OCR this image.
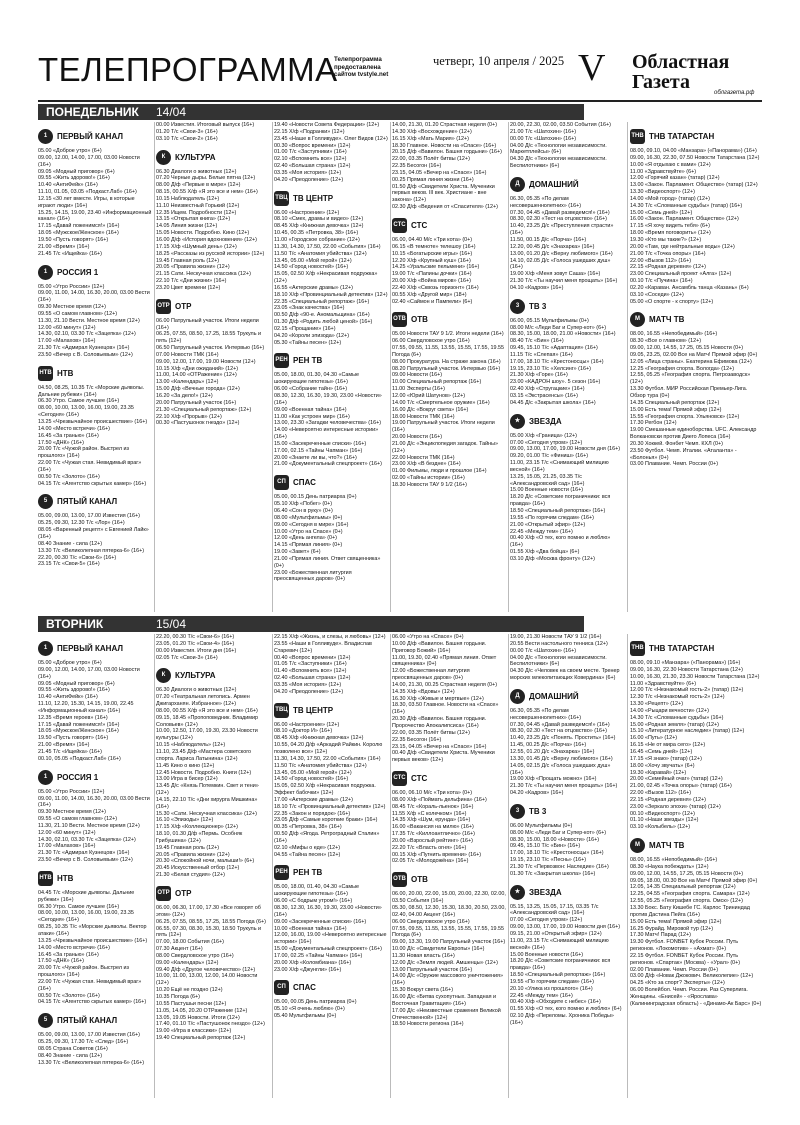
ТЕЛЕПРОГРАММА
Телепрограмма предоставлена сайтом tvstyle.net
четверг, 10 апреля / 2025 V Областная Газета	облгазета.рф
ПОНЕДЕЛЬНИК 14/04
1	ПЕРВЫЙ КАНАЛ
05.00 «Доброе утро» (6+)
09.00, 12.00, 14.00, 17.00, 03.00 Новости (16+)
09.05 «Модный приговор» (6+)
09.55 «Жить здорово!» (16+)
10.40 «АнтиФейк» (16+)
11.10, 01.05, 03.05 «Подкаст.Лаб» (16+)
12.15 «30 лет вместе. Игры, в которые играют люди» (16+)
15.25, 14.15, 19.00, 23.40 «Информационный канал» (16+)
17.15 «Давай поженимся!» (16+)
18.05 «Мужское/Женское» (16+)
19.50 «Пусть говорят» (16+)
21.00 «Время» (16+)
21.45 Т/с «Ищейка» (16+)
1	РОССИЯ 1
05.00 «Утро России» (12+)
09.00, 11.00, 14.00, 16.30, 20.00, 03.00 Вести (16+)
09.30 Местное время (12+)
09.55 «О самом главном» (12+)
11.30, 21.10 Вести. Местное время (12+)
12.00 «60 минут» (12+)
14.30, 02.10, 03.30 Т/с «Зацепка» (12+)
17.00 «Малахов» (16+)
21.30 Т/с «Адмирал Кузнецов» (16+)
23.50 «Вечер с В. Соловьевым» (12+)
НТВ НТВ
04.50, 08.25, 10.35 Т/с «Морские дьяволы. Дальние рубежи» (16+)
06.30 Утро. Самое лучшее (16+)
08.00, 10.00, 13.00, 16.00, 19.00, 23.35 «Сегодня» (16+)
13.25 «Чрезвычайное происшествие» (16+)
14.00 «Место встречи» (16+)
16.45 «За гранью» (16+)
17.50 «ДНК» (16+)
20.00 Т/с «Чужой район. Выстрел из прошлого» (16+)
22.00 Т/с «Чужая стая. Невидимый враг» (16+)
00.50 Т/с «Золото» (16+)
04.15 Т/с «Агентство скрытых камер» (16+)
5	ПЯТЫЙ КАНАЛ
05.00, 09.00, 13.00, 17.00 Известия (16+)
05.25, 09.30, 12.30 Т/с «Лор» (16+)
08.05 «Варенный рецепт» с Евгенией Лайк» (16+)
08.40 Знание - сила (12+)
13.30 Т/с «Великолепная пятерка-6» (16+)
22.20, 00.30 Т/с «Свои-6» (16+)
23.15 Т/с «Свои-5» (16+)
00.00 Известия. Итоговый выпуск (16+)
01.20 Т/с «Свои-3» (16+)
03.10 Т/с «Свои-2» (16+)
К	КУЛЬТУРА
06.30 Диалоги о животных (12+)
07.20 Черные дыры. Белые пятна (12+)
08.00 Д/ф «Первые в мире» (12+)
08.15, 00.55 Х/ф «Я это все и нем» (16+)
10.15 Наблюдатель (12+)
11.10 Неизвестный Горький (12+)
12.35 Ищем. Подробности (12+)
13.15 «Открытая книга» (12+)
14.05 Линия жизни (12+)
15.05 Новости. Подробно. Кино (12+)
16.00 Д/ф «История вдохновения» (12+)
17.15 Х/ф «Шумный день» (12+)
18.25 «Рассказы из русской истории» (12+)
19.45 Главная роль (12+)
20.05 «Правила жизни» (12+)
21.15 Сати. Нескучная классика (12+)
22.10 Т/с «Дни жизни» (16+)
23.20 Цвет времени (12+)
ОТР ОТР
06.00 Патрульный участок. Итоги недели (16+)
06.25, 07.55, 08.50, 17.25, 18.55 Трукуль и пять (12+)
06.50 Патрульный участок. Интервью (16+)
07.00 Новости ТМК (16+)
09.00, 12.00, 17.00, 19.00 Новости (12+)
10.15 Х/ф «Дни ожиданий» (12+)
11.00, 14.00 «ОТРажение» (12+)
13.00 «Календарь» (12+)
15.00 Д/ф «Вечные города» (12+)
16.20 «За дело!» (12+)
20.00 Патрульный участок (16+)
21.30 «Специальный репортаж» (12+)
22.10 Х/ф «Прорыв» (12+)
00.30 «Пастушонок гнездо» (12+)
19.40 «Новости Совета Федерации» (12+)
22.15 Х/ф «Подранки» (12+)
23.45 «Наше в Голливуде». Олег Видов (12+)
00.30 «Вопрос времени» (12+)
01.00 Т/с «Заступники» (16+)
02.10 «Вспомнить все» (12+)
02.40 «Большая страна» (12+)
03.35 «Моя история» (12+)
04.20 «Преодоление» (12+)
ТВЦ ТВ ЦЕНТР
06.00 «Настроение» (12+)
08.10 «Смех, драмы и видео» (12+)
08.45 Х/ф «Книжная девочка» (12+)
10.45, 00.35 «Петровка, 38» (16+)
11.00 «Городское собрание» (12+)
11.30, 14.30, 17.50, 22.00 «События» (16+)
11.50 Т/с «Анатомия убийства» (12+)
13.45, 05.00 «Мой герой» (12+)
14.50 «Город новостей» (16+)
15.05, 02.50 Х/ф «Некрасивая подружка» (12+)
16.55 «Актерские драмы» (12+)
18.10 Х/ф «Провинциальный детектив» (12+)
22.35 «Специальный репортаж» (16+)
23.05 «Знак качества» (16+)
00.50 Д/ф «90-е. Аномальщина» (16+)
01.30 Д/ф «Родить любой ценой» (16+)
02.15 «Прощание» (16+)
04.20 «Короли эпизода» (12+)
05.30 «Тайны песен» (12+)
РЕН РЕН ТВ
05.00, 18.00, 01.30, 04.30 «Самые шокирующие гипотезы» (16+)
06.00 «Собрание тайн» (16+)
08.30, 12.30, 16.30, 19.30, 23.00 «Новости» (16+)
09.00 «Военная тайна» (16+)
11.00 «Как устроен мир» (16+)
13.00, 23.30 «Загадки человечества» (16+)
14.00 «Невероятно интересные истории» (16+)
15.00 «Засекреченные списки» (16+)
17.00, 02.15 «Тайны Чапман» (16+)
20.00 «Знаете ли вы, что?» (16+)
21.00 «Документальный спецпроект» (16+)
СП СПАС
05.00, 00.15 День патриарха (0+)
05.10 Х/ф «Побег» (0+)
06.40 «Сон в руку» (0+)
08.00 «Мультфильмы» (0+)
09.00 «Сегодня в мире» (16+)
10.00 «Утро на Спасе» (0+)
12.00 «День ангела» (0+)
14.15 «Прямая линия» (0+)
19.00 «Завет» (6+)
21.00 «Прямая линия. Ответ священника» (0+)
23.00 «Божественная литургия преосвященных даров» (0+)
14.00, 21.30, 01.20 Страстная неделя (0+)
14.30 Х/ф «Восхождение» (12+)
16.15 Х/ф «Мать Мария» (12+)
18.30 Главное. Новости на «Спасе» (16+)
20.15 Д/ф «Вавилон. Башня гордыни» (16+)
22.00, 03.35 Полёт битвы (12+)
22.35 Бесогон (16+)
23.15, 04.05 «Вечер на «Спасе» (16+)
00.25 Прямая линия жизни (16+)
01.50 Д/ф «Свидетели Христа. Мученики первых веков. III век. Христиане - вне закона» (12+)
02.30 Д/ф «Ведения от «Спасителя» (12+)
СТС СТС
06.00, 04.40 М/с «Три кота» (0+)
06.15 «В темноте» телешоу (16+)
10.15 «Богатырские игры» (16+)
12.20 Х/ф «Крупный куш» (16+)
14.25 «Уральские пельмени» (16+)
19.00 Т/с «Папины дочки» (16+)
20.00 Х/ф «Война миров» (16+)
22.40 Х/ф «Сквозь горизонт» (16+)
00.55 Х/ф «Другой мир» (18+)
02.40 «Саймон и Пампели» (6+)
ОТВ ОТВ
05.00 Новости ТАУ 9 1/2. Итоги недели (16+)
06.00 Свердловское утро (16+)
07.55, 09.55, 11.55, 13.55, 15.55, 17.55, 19.55 Погода (6+)
08.00 Прокуратура. На страже закона (16+)
08.20 Патрульный участок. Интервью (16+)
09.00 Новости (16+)
10.00 Специальный репортаж (16+)
11.00 Эксперты (16+)
12.00 «Юрий Шатунов» (12+)
14.00 Т/с «Смертельное оружие» (16+)
16.00 Д/с «Вокруг света» (16+)
18.00 Новости ТМК (16+)
19.00 Патрульный участок. Итоги недели (16+)
20.00 Новости (16+)
21.00 Д/с «Энциклопедия загадок. Тайны» (12+)
22.00 Новости ТМК (16+)
23.00 Х/ф «В бездне» (16+)
01.00 Фильмы, люди и прошлое (16+)
02.00 «Тайны истории» (16+)
18.30 Новости ТАУ 9 1/2 (16+)
20.00, 22.30, 02.00, 03.50 События (16+)
21.00 Т/с «Шатохин» (16+)
00.00 Т/с «Шатохин» (16+)
04.00 Д/с «Технологии независимости. Маркетплейсы» (6+)
04.30 Д/с «Технологии независимости. Беспилотники» (6+)
Д	ДОМАШНИЙ
06.30, 05.35 «По делам несовершеннолетних» (16+)
07.30, 04.45 «Давай разведемся!» (16+)
08.30, 02.30 «Тест на отцовство» (16+)
10.40, 23.25 Д/с «Преступления страсти» (16+)
11.50, 00.15 Д/с «Порча» (16+)
12.20, 00.45 Д/с «Знахарка» (16+)
13.00, 01.20 Д/с «Верну любимого» (16+)
14.10, 02.05 Д/с «Голоса ушедших душ» (16+)
19.00 Х/ф «Меня зовут Саша» (16+)
21.30 Т/с «Ты научил меня прощать» (16+)
04.10 «Кадров» (16+)
3	ТВ 3
06.00, 05.15 Мультфильмы (0+)
08.00 М/с «Леди Баг и Супер-кот» (6+)
08.30, 15.00, 18.00, 21.00 «Новости» (16+)
08.40 Т/с «Бин» (16+)
09.45, 15.10 Т/с «Адаптация» (16+)
11.15 Т/с «Слепая» (16+)
17.00, 18.10 Т/с «Крестоносцы» (16+)
19.15, 23.10 Т/с «Хелсинг» (16+)
21.30 Х/ф «Горе» (16+)
23.00 «КАДРОН шоу». 5 сезон (16+)
02.40 Х/ф «Стругацкие» (16+)
03.15 «Экстрасенсы» (16+)
04.45 Д/с «Закрытая школа» (16+)
★	ЗВЕЗДА
05.00 Х/ф «Граница» (12+)
07.00 «Сегодня утром» (12+)
09.00, 13.00, 17.00, 19.00 Новости дня (16+)
09.20, 01.00 Т/с «Финиш» (16+)
11.00, 23.15 Т/с «Снимающий милицию весной» (16+)
13.25, 15.05, 21.25, 03.35 Т/с «Александровский сад» (16+)
15.00 Военные новости (16+)
18.20 Д/с «Советские пограничники: вся правда» (16+)
18.50 «Специальный репортаж» (16+)
19.55 «По горячим следам» (16+)
21.00 «Открытый эфир» (12+)
22.45 «Между тем» (16+)
00.40 Х/ф «О тех, кого помню и люблю» (16+)
01.55 Х/ф «Два бойца» (6+)
03.10 Д/ф «Москва фронту» (12+)
ТНВ ТНВ ТАТАРСТАН
08.00, 09.10, 04.00 «Манзара» («Панорама») (16+)
09.00, 16.30, 22.30, 07.50 Новости Татарстана (12+)
10.00 «Я отдыхаю с вами» (12+)
11.00 «Здравствуйте» (6+)
12.00 «Горячий казан» (татар) (12+)
13.00 «Закон. Парламент. Общество» (татар) (12+)
13.30 «Видеоспорт» (12+)
14.00 «Мой город» (татар) (12+)
14.30 Т/с «Сломанные судьбы» (татар) (16+)
15.00 «Семь дней» (12+)
16.00 «Закон. Парламент. Общество» (12+)
17.15 «Я хочу видеть тебя» (6+)
18.00 «Время поговорить» (12+)
19.30 «Кто мы такие?» (12+)
20.00 «Там, где нейтральные воды» (12+)
21.00 Т/с «Точка опоры» (16+)
22.00 «Вызов 112» (16+)
22.15 «Родная деревня» (12+)
23.00 Специальный проект «Алга» (12+)
00.10 Т/с «Пучина» (16+)
02.20 «Караван. Ансамбль танца «Казань» (6+)
03.10 «Соседи» (12+)
05.00 «О спорте - к спорту» (12+)
М	МАТЧ ТВ
08.00, 16.55 «Непобедимый» (16+)
08.30 «Все о главном» (12+)
09.00, 12.00, 14.55, 17.25, 05.15 Новости (0+)
09.05, 23.25, 02.00 Все на Матч! Прямой эфир (0+)
12.05 «Лица страны». Екатерина Ефимова (12+)
12.25 «География спорта. Вологда» (12+)
12.55, 05.25 «География спорта. Петрозаводск» (12+)
13.30 Футбол. МИР Российская Премьер-Лига. Обзор тура (0+)
14.35 Специальный репортаж (12+)
15.00 Есть тема! Прямой эфир (12+)
15.55 «География спорта. Ульяновск» (12+)
17.30 Регбон (12+)
19.00 Смешанные единоборства. UFC. Александр Волкановски против Диего Лопеса (16+)
20.30 Хоккей. Фонбет Чемп. КХЛ (0+)
23.50 Футбол. Чемп. Италии. «Аталанта» - «Болонья» (0+)
03.00 Плавание. Чемп. России (0+)
ВТОРНИК	15/04
1	ПЕРВЫЙ КАНАЛ
05.00 «Доброе утро» (6+)
09.00, 12.00, 14.00, 17.00, 03.00 Новости (16+)
09.05 «Модный приговор» (6+)
09.55 «Жить здорово!» (16+)
10.40 «АнтиФейк» (16+)
11.10, 12.20, 15.30, 14.15, 19.00, 22.45 «Информационный канал» (16+)
12.35 «Время героев» (16+)
17.15 «Давай поженимся!» (16+)
18.05 «Мужское/Женское» (16+)
19.50 «Пусть говорят» (16+)
21.00 «Время» (16+)
21.45 Т/с «Ищейка» (16+)
00.10, 05.05 «Подкаст.Лаб» (16+)
1	РОССИЯ 1
05.00 «Утро России» (12+)
09.00, 11.00, 14.00, 16.30, 20.00, 03.00 Вести (16+)
09.30 Местное время (12+)
09.55 «О самом главном» (12+)
11.30, 21.10 Вести. Местное время (12+)
12.00 «60 минут» (12+)
14.30, 02.10, 03.30 Т/с «Зацепка» (12+)
17.00 «Малахов» (16+)
21.30 Т/с «Адмирал Кузнецов» (16+)
23.50 «Вечер с В. Соловьевым» (12+)
НТВ НТВ
04.45 Т/с «Морские дьяволы. Дальние рубежи» (16+)
06.30 Утро. Самое лучшее (16+)
08.00, 10.00, 13.00, 16.00, 19.00, 23.35 «Сегодня» (16+)
08.25, 10.35 Т/с «Морские дьяволы. Вектор атаки» (16+)
13.25 «Чрезвычайное происшествие» (16+)
14.00 «Место встречи» (16+)
16.45 «За гранью» (16+)
17.50 «ДНК» (16+)
20.00 Т/с «Чужой район. Выстрел из прошлого» (16+)
22.00 Т/с «Чужая стая. Невидимый враг» (16+)
00.50 Т/с «Золото» (16+)
04.15 Т/с «Агентство скрытых камер» (16+)
5	ПЯТЫЙ КАНАЛ
05.00, 09.00, 13.00, 17.00 Известия (16+)
05.25, 09.30, 17.30 Т/с «След» (16+)
08.05 Страна Советов (16+)
08.40 Знание - сила (12+)
13.30 Т/с «Великолепная пятерка-6» (16+)
22.20, 00.30 Т/с «Свои-6» (16+)
23.05, 01.20 Т/с «Свои-4» (16+)
00.00 Известия. Итоги дня (16+)
02.05 Т/с «Свои-3» (16+)
К	КУЛЬТУРА
06.30 Диалоги о животных (12+)
07.20 «Театральная летопись. Армен Джигарханян. Избранное» (12+)
08.00, 00.55 Х/ф «Я это все и нем» (16+)
09.15, 18.45 «Пропоповедник. Владимир Соловьев» (12+)
10.00, 12.50, 17.00, 19.30, 23.30 Новости культуры (12+)
10.15 «Наблюдатель» (12+)
11.10, 23.45 Д/ф «Мастера советского спорта. Лариса Латынина» (12+)
11.45 Кино о кино (12+)
12.45 Новости. Подробно. Книги (12+)
13.00 Игра в бисер (12+)
13.45 Д/с «Князь Потемкин. Свет и тени» (12+)
14.15, 22.10 Т/с «Дни хирурга Мишкина» (16+)
15.30 «Сати. Нескучная классика» (12+)
16.10 «Эпизоды» (12+)
17.15 Х/ф «Коллекционер» (12+)
18.10, 01.30 Д/ф «Пермь. Особняк Грибушина» (12+)
19.45 Главная роль (12+)
20.05 «Правила жизни» (12+)
20.30 «Спокойной ночи, малыши!» (6+)
20.45 Искусственный отбор (12+)
21.30 «Белая студия» (12+)
ОТР ОТР
06.00, 06.30, 17.00, 17.30 «Все говорят об этом» (12+)
06.25, 07.55, 08.55, 17.25, 18.55 Погода (6+)
06.55, 07.30, 08.30, 15.30, 18.50 Трукуль и пять (12+)
07.00, 18.00 События (16+)
07.30 Акцент (16+)
08.00 Свердловское утро (16+)
09.00 «Календарь» (12+)
09.40 Д/ф «Другое человечество» (12+)
10.00, 11.00, 13.00, 12.00, 14.00 Новости (12+)
10.20 Ещё не поздно (12+)
10.35 Погода (6+)
10.55 Пастушьи песни (12+)
11.05, 14.05, 20.20 ОТРажение (12+)
13.05, 19.05 Новости. Итоги (12+)
17.40, 01.10 Т/с «Пастушонок гнездо» (12+)
19.00 «Игра в классики» (12+)
19.40 Специальный репортаж (12+)
22.15 Х/ф «Жизнь, и слезы, и любовь» (12+)
23.55 «Наши в Голливуде». Владислав Старевич (12+)
00.40 «Вопрос времени» (12+)
01.05 Т/с «Заступники» (16+)
01.40 «Вспомнить все» (12+)
02.40 «Большая страна» (12+)
03.35 «Моя история» (12+)
04.20 «Преодоление» (12+)
ТВЦ ТВ ЦЕНТР
06.00 «Настроение» (12+)
08.10 «Доктор И» (16+)
08.45 Х/ф «Книжная девочка» (12+)
10.55, 04.20 Д/ф «Аркадий Райкин. Королю позволено все» (12+)
11.30, 14.30, 17.50, 22.00 «События» (16+)
11.50 Т/с «Анатомия убийства» (12+)
13.45, 05.00 «Мой герой» (12+)
14.50 «Город новостей» (16+)
15.05, 02.50 Х/ф «Некрасивая подружка. Эффект бабочки» (12+)
17.00 «Актерские драмы» (12+)
18.10 Т/с «Провинциальный детектив» (12+)
22.35 «Закон и порядок» (16+)
23.05 Д/ф «Самые короткие браки» (16+)
00.35 «Петровка, 38» (16+)
00.50 Д/ф «Ягода. Ретроградный Сталин» (16+)
02.10 «Мифы о еде» (12+)
04.55 «Тайна песен» (12+)
РЕН РЕН ТВ
05.00, 18.00, 01.40, 04.30 «Самые шокирующие гипотезы» (16+)
06.00 «С бодрым утром!» (16+)
08.30, 12.30, 16.30, 19.30, 23.00 «Новости» (16+)
09.00 «Засекреченные списки» (16+)
10.00 «Военная тайна» (16+)
12.00, 16.00, 19.00 «Невероятно интересные истории» (16+)
15.00 «Документальный спецпроект» (16+)
17.00, 02.25 «Тайны Чапман» (16+)
20.00 Х/ф «Коломбиана» (16+)
23.00 Х/ф «Джунгли» (16+)
СП СПАС
05.00, 00.05 День патриарха (0+)
05.10 «Я очень люблю» (0+)
05.40 Мультфильмы (0+)
06.00 «Утро на «Спасе» (0+)
10.00 Д/ф «Вавилон. Башня гордыни. Приговор Божий» (16+)
11.00, 19.30, 02.40 «Прямая линия. Ответ священника» (0+)
12.00 «Божественная литургия преосвященных даров» (0+)
14.00, 21.30, 00.25 Страстная неделя (0+)
14.35 Х/ф «Вдовы» (12+)
16.30 Х/ф «Живые и мертвые» (12+)
18.30, 03.50 Главное. Новости на «Спасе» (16+)
20.30 Д/ф «Вавилон. Башня гордыни. Пророчество Апокалипсиса» (16+)
22.00, 03.35 Полёт битвы (12+)
22.35 Бесогон (16+)
23.15, 04.05 «Вечер на «Спасе» (16+)
00.40 Д/ф «Свидетели Христа. Мученики первых веков» (12+)
СТС СТС
06.00, 06.10 М/с «Три кота» (0+)
08.00 Х/ф «Поймать дельфина» (16+)
08.45 Т/с «Кораль-льенок» (16+)
11.55 Х/ф «С колечком» (16+)
14.35 Х/ф «Шум, ерунда» (16+)
16.00 «Вакансия на милю» (16+)
17.35 Т/с «Киллоантлично» (16+)
20.00 «Взрослый рейтинг» (16+)
22.20 Т/с «Власть огня» (16+)
00.15 Х/ф «Пугнить времени» (16+)
02.05 Т/с «Молодожёна» (16+)
ОТВ ОТВ
06.00, 20.00, 22.00, 15.00, 20.00, 22.30, 02.00, 03.50 События (16+)
05.30, 08.50, 12.30, 15.30, 18.30, 20.50, 23.00, 02.40, 04.00 Акцент (16+)
06.00 Свердловское утро (16+)
07.55, 09.55, 11.55, 13.55, 15.55, 17.55, 19.55 Погода (6+)
09.00, 13.30, 19.00 Патрульный участок (16+)
10.00 Д/с «Свидетели Европы» (16+)
11.30 Новая власть (16+)
12.00 Д/с «Земля людей. Амшенцы» (12+)
13.00 Патрульный участок (16+)
14.00 Д/с «Оружие массового уничтожения» (16+)
15.30 Вокруг света (16+)
16.00 Д/с «Битва сухопутных. Западная и Восточная Гравитация» (16+)
17.00 Д/с «Неизвестные сражения Великой Отечественной» (12+)
18.50 Новости региона (16+)
19.00, 21.30 Новости ТАУ 9 1/2 (16+)
20.55 Вести настольного тенниса (12+)
00.00 Т/с «Шатохин» (16+)
04.00 Д/с «Технологии независимости. Беспилотники» (6+)
04.30 Д/с «Человек на своем месте. Тренер морских млекопитающих Ковердина» (6+)
Д	ДОМАШНИЙ
06.30, 05.35 «По делам несовершеннолетних» (16+)
07.30, 04.45 «Давай разведемся!» (16+)
08.30, 02.30 «Тест на отцовство» (16+)
10.40, 23.25 Д/с «Понять. Простить» (16+)
11.45, 00.25 Д/с «Порча» (16+)
12.55, 01.20 Д/с «Знахарка» (16+)
13.30, 01.45 Д/с «Верну любимого» (16+)
14.05, 02.15 Д/с «Голоса ушедших душ» (16+)
19.00 Х/ф «Прощать можно» (16+)
21.30 Т/с «Ты научил меня прощать» (16+)
04.20 «Кадров» (16+)
3	ТВ 3
06.00 Мультфильмы (0+)
08.00 М/с «Леди Баг и Супер-кот» (6+)
08.30, 15.00, 18.00 «Новости» (16+)
09.45, 15.10 Т/с «Бин» (16+)
17.00, 18.10 Т/с «Крестоносцы» (16+)
19.15, 23.10 Т/с «Песнь» (16+)
21.30 Т/с «Первозвон: Наследие» (16+)
01.30 Т/с «Закрытая школа» (16+)
★	ЗВЕЗДА
05.15, 13.25, 15.05, 17.15, 03.35 Т/с «Александровский сад» (16+)
07.00 «Сегодня утром» (12+)
09.00, 13.00, 17.00, 19.00 Новости дня (16+)
09.15, 21.00 «Открытый эфир» (12+)
11.00, 23.15 Т/с «Снимающий милицию весной» (16+)
15.00 Военные новости (16+)
18.20 Д/с «Советские пограничники: вся правда» (16+)
18.50 «Специальный репортаж» (16+)
19.55 «По горячим следам» (16+)
20.10 «Улика из прошлого» (16+)
22.45 «Между тем» (16+)
00.40 Х/ф «Обходите с небес» (16+)
01.55 Х/ф «О тех, кого помню и люблю» (6+)
02.10 Д/ф «Переломы. Хроника Победы» (16+)
ТНВ ТНВ ТАТАРСТАН
08.00, 09.10 «Манзара» («Панорама») (16+)
09.00, 16.30, 22.30 Новости Татарстана (12+)
10.00, 16.30, 21.30, 23.30 Новости Татарстана (12+)
11.00 «Здравствуйте» (6+)
12.00 Т/с «Незнакомый гость-2» (татар) (12+)
12.30 Т/с «Незнакомый гость-2» (12+)
13.30 «Рецепт» (12+)
14.00 «Рыцари вечности» (12+)
14.30 Т/с «Сломанные судьбы» (16+)
15.00 «Родная земля» (татар) (12+)
15.10 «Литературное наследие» (татар) (12+)
16.00 «Путь» (12+)
16.15 «Не от мира сего» (12+)
16.45 «Семь дней» (12+)
17.15 «Я знаю» (татар) (12+)
18.00 «Хочу звучать» (6+)
19.30 «Каравай» (12+)
20.00 «Семейный очаг» (татар) (12+)
21.00, 02.45 «Точка опоры» (татар) (16+)
22.00 «Вызов 112» (16+)
22.15 «Родная деревня» (12+)
23.00 «Зеркало эпохи» (татар) (12+)
00.10 «Видеоспорт» (12+)
01.10 «Наши звезды» (12+)
03.10 «Колыбель» (12+)
М	МАТЧ ТВ
08.00, 16.55 «Непобедимый» (16+)
08.30 «Наука побеждать» (12+)
09.00, 12.00, 14.55, 17.25, 05.15 Новости (0+)
09.05, 18.00, 00.30 Все на Матч! Прямой эфир (0+)
12.05, 14.35 Специальный репортаж (12+)
12.25, 04.55 «География спорта. Самара» (12+)
12.55, 05.25 «География спорта. Омск» (12+)
13.30 Бокс. Бату Кишебе ГС. Карлос Трининдад против Дастина Пейга (16+)
15.00 Есть тема! Прямой эфир (12+)
16.25 Фурайд. Мировой тур (12+)
17.30 Матч! Парад (12+)
19.30 Футбол. FONBET Кубок России. Путь регионов. «Локомотив» - «Ахмат» (0+)
22.15 Футбол. FONBET Кубок России. Путь регионов. «Спартак» (Москва) - «Урал» (0+)
02.00 Плавание. Чемп. России (0+)
03.00 Д/ф «Новак Джокович. Великолепие» (12+)
04.25 «Кто за спорт? Эксперты» (12+)
06.00 Волейбол. Чемп. России. Раз Суперлига. Женщины. «Енисей» - «Ярослава» (Калининградская область) - «Динамо-Ак Барс» (0+)
